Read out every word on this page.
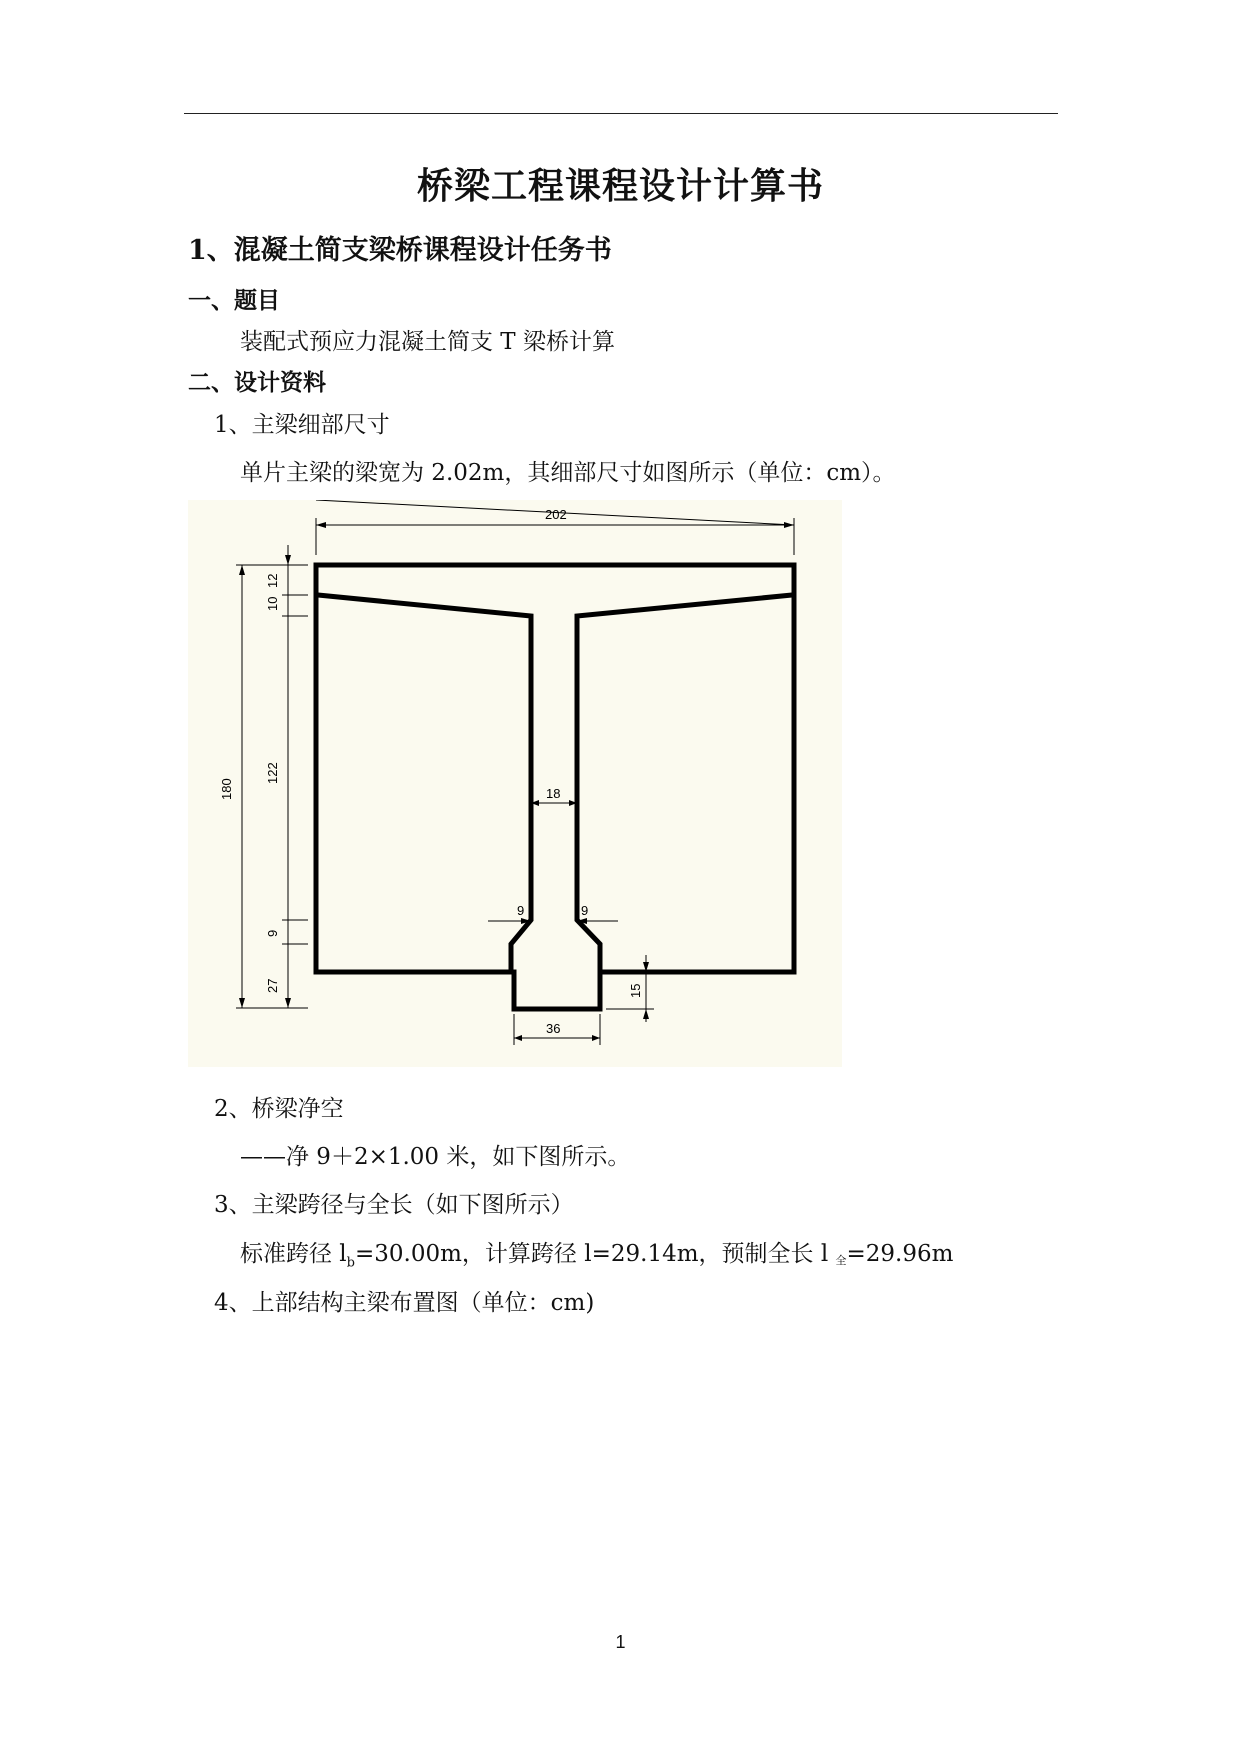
桥梁工程课程设计计算书
1、混凝土简支梁桥课程设计任务书
一、题目
装配式预应力混凝土简支 T 梁桥计算
二、设计资料
1、主梁细部尺寸
单片主梁的梁宽为 2.02m，其细部尺寸如图所示（单位：cm）。
202
12
10
122
180
9
27
18
9	9
36
15
2、桥梁净空
——净 9＋2×1.00 米，如下图所示。
3、主梁跨径与全长（如下图所示）
标准跨径 $l_b=30.00m$，计算跨径 l=29.14m，预制全长 l 全=29.96m
4、上部结构主梁布置图（单位：cm)
1
